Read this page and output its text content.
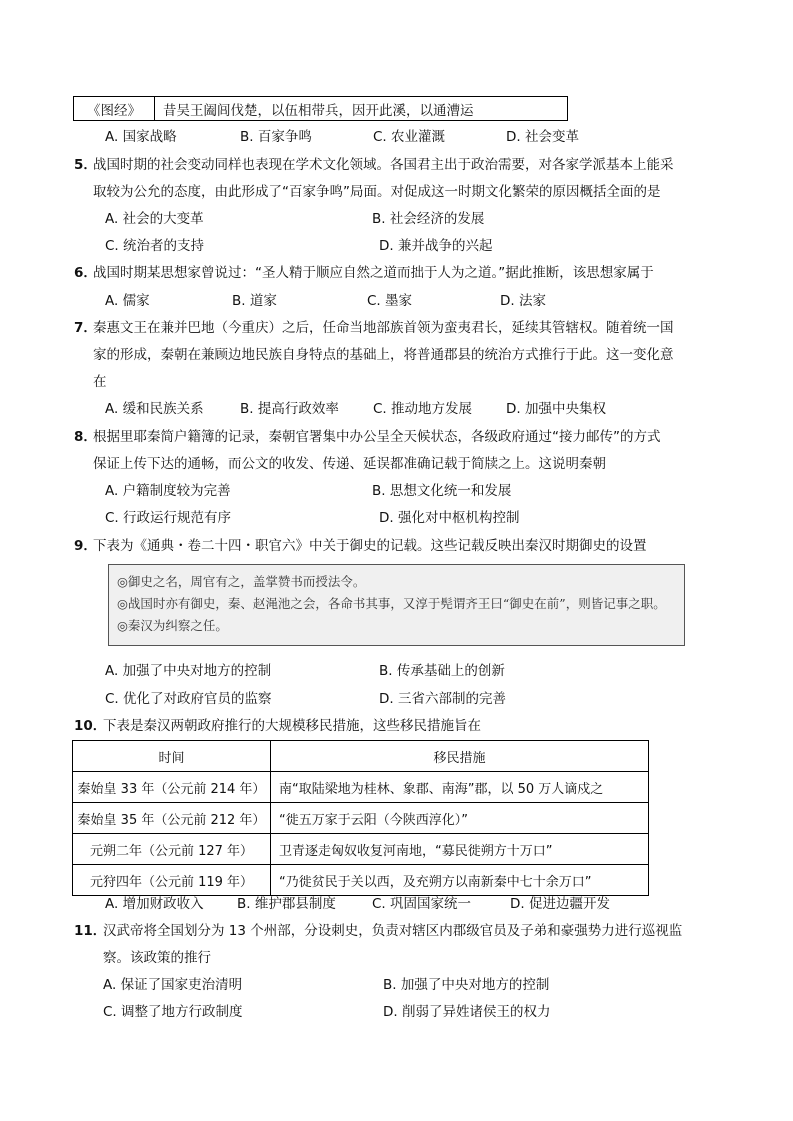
《图经》	昔吴王阖闾伐楚，以伍相带兵，因开此溪，以通漕运
A. 国家战略	B. 百家争鸣	C. 农业灌溉	D. 社会变革
5．
战国时期的社会变动同样也表现在学术文化领域。各国君主出于政治需要，对各家学派基本上能采
取较为公允的态度，由此形成了“百家争鸣”局面。对促成这一时期文化繁荣的原因概括全面的是
A. 社会的大变革	B. 社会经济的发展
C. 统治者的支持	D. 兼并战争的兴起
6．
战国时期某思想家曾说过：“圣人精于顺应自然之道而拙于人为之道。”据此推断，该思想家属于
A. 儒家	B. 道家	C. 墨家	D. 法家
7．
秦惠文王在兼并巴地（今重庆）之后，任命当地部族首领为蛮夷君长，延续其管辖权。随着统一国
家的形成，秦朝在兼顾边地民族自身特点的基础上，将普通郡县的统治方式推行于此。这一变化意
在
A. 缓和民族关系	B. 提高行政效率	C. 推动地方发展	D. 加强中央集权
8．
根据里耶秦简户籍簿的记录，秦朝官署集中办公呈全天候状态，各级政府通过“接力邮传”的方式
保证上传下达的通畅，而公文的收发、传递、延误都准确记载于简牍之上。这说明秦朝
A. 户籍制度较为完善	B. 思想文化统一和发展
C. 行政运行规范有序	D. 强化对中枢机构控制
9．
下表为《通典・卷二十四・职官六》中关于御史的记载。这些记载反映出秦汉时期御史的设置
◎御史之名，周官有之，盖掌赞书而授法令。
◎战国时亦有御史，秦、赵渑池之会，各命书其事，又淳于髡谓齐王曰“御史在前”，则皆记事之职。
◎秦汉为纠察之任。
A. 加强了中央对地方的控制	B. 传承基础上的创新
C. 优化了对政府官员的监察	D. 三省六部制的完善
10．
下表是秦汉两朝政府推行的大规模移民措施，这些移民措施旨在
时间	移民措施
秦始皇 33 年（公元前 214 年）	南“取陆梁地为桂林、象郡、南海”郡，以 50 万人谪戍之
秦始皇 35 年（公元前 212 年）	“徙五万家于云阳（今陕西淳化）”
元朔二年（公元前 127 年）	卫青逐走匈奴收复河南地，“募民徙朔方十万口”
元狩四年（公元前 119 年）	“乃徙贫民于关以西，及充朔方以南新秦中七十余万口”
A. 增加财政收入 B. 维护郡县制度	C. 巩固国家统一	D. 促进边疆开发
11．
汉武帝将全国划分为 13 个州部，分设刺史，负责对辖区内郡级官员及子弟和豪强势力进行巡视监
察。该政策的推行
A. 保证了国家吏治清明	B. 加强了中央对地方的控制
C. 调整了地方行政制度	D. 削弱了异姓诸侯王的权力
